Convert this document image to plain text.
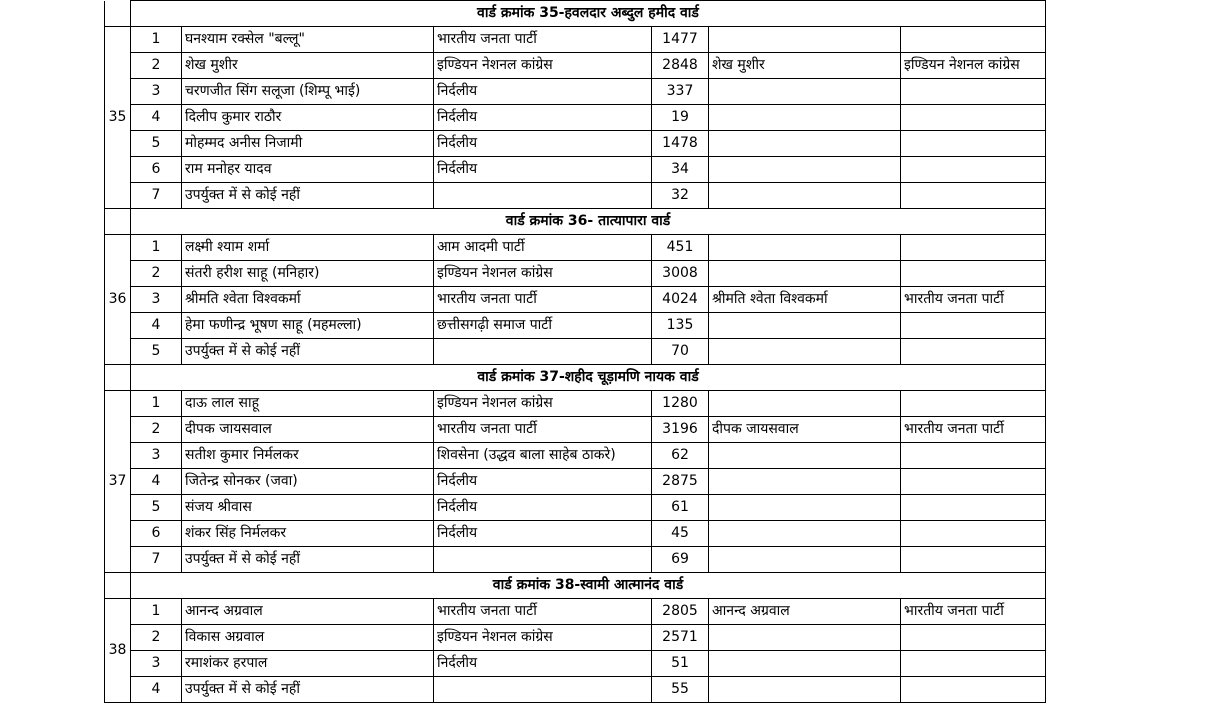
	वार्ड क्रमांक 35-हवलदार अब्दुल हमीद वार्ड					
35	1	घनश्याम रक्सेल "बल्लू"	भारतीय जनता पार्टी	1477		
	2	शेख मुशीर	इण्डियन नेशनल कांग्रेस	2848	शेख मुशीर	इण्डियन नेशनल कांग्रेस
	3	चरणजीत सिंग सलूजा (शिम्पू भाई)	निर्दलीय	337		
	4	दिलीप कुमार राठौर	निर्दलीय	19		
	5	मोहम्मद अनीस निजामी	निर्दलीय	1478		
	6	राम मनोहर यादव	निर्दलीय	34		
	7	उपर्युक्त में से कोई नहीं		32		
	वार्ड क्रमांक 36- तात्यापारा वार्ड					
36	1	लक्ष्मी श्याम शर्मा	आम आदमी पार्टी	451		
	2	संतरी हरीश साहू (मनिहार)	इण्डियन नेशनल कांग्रेस	3008		
	3	श्रीमति श्वेता विश्वकर्मा	भारतीय जनता पार्टी	4024	श्रीमति श्वेता विश्वकर्मा	भारतीय जनता पार्टी
	4	हेमा फणीन्द्र भूषण साहू (महमल्ला)	छत्तीसगढ़ी समाज पार्टी	135		
	5	उपर्युक्त में से कोई नहीं		70		
	वार्ड क्रमांक 37-शहीद चूड़ामणि नायक वार्ड					
37	1	दाऊ लाल साहू	इण्डियन नेशनल कांग्रेस	1280		
	2	दीपक जायसवाल	भारतीय जनता पार्टी	3196	दीपक जायसवाल	भारतीय जनता पार्टी
	3	सतीश कुमार निर्मलकर	शिवसेना (उद्धव बाला साहेब ठाकरे)	62		
	4	जितेन्द्र सोनकर (जवा)	निर्दलीय	2875		
	5	संजय श्रीवास	निर्दलीय	61		
	6	शंकर सिंह निर्मलकर	निर्दलीय	45		
	7	उपर्युक्त में से कोई नहीं		69		
	वार्ड क्रमांक 38-स्वामी आत्मानंद वार्ड					
38	1	आनन्द अग्रवाल	भारतीय जनता पार्टी	2805	आनन्द अग्रवाल	भारतीय जनता पार्टी
	2	विकास अग्रवाल	इण्डियन नेशनल कांग्रेस	2571		
	3	रमाशंकर हरपाल	निर्दलीय	51		
	4	उपर्युक्त में से कोई नहीं		55		
